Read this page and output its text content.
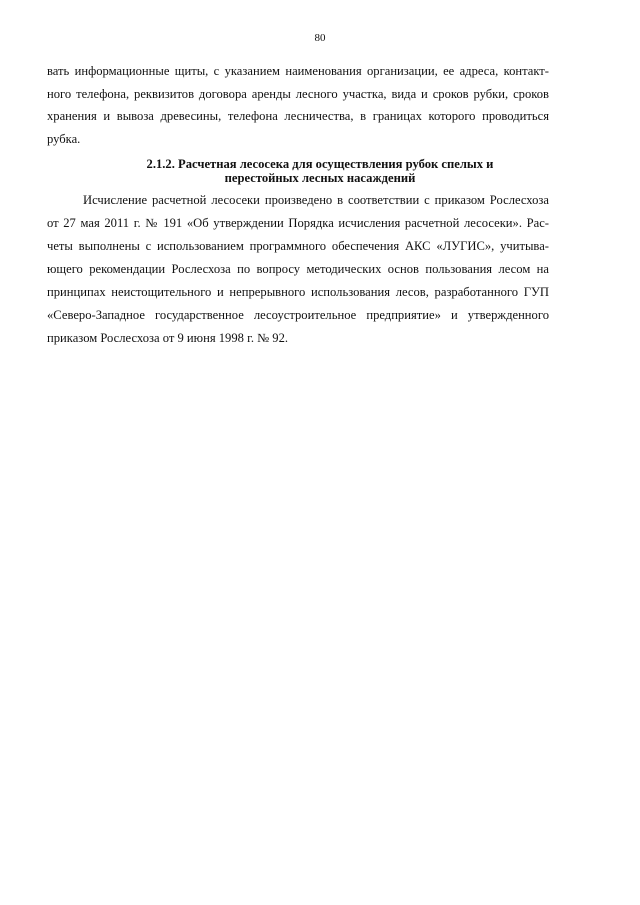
80
вать информационные щиты, с указанием наименования организации, ее адреса, контакт-
ного телефона, реквизитов договора аренды лесного участка, вида и сроков рубки, сроков
хранения и вывоза древесины, телефона лесничества, в границах которого проводиться
рубка.
2.1.2. Расчетная лесосека для осуществления рубок спелых и
перестойных лесных насаждений
Исчисление расчетной лесосеки произведено в соответствии с приказом Рослесхоза
от 27 мая 2011 г. № 191 «Об утверждении Порядка исчисления расчетной лесосеки». Рас-
четы выполнены с использованием программного обеспечения АКС «ЛУГИС», учитыва-
ющего рекомендации Рослесхоза по вопросу методических основ пользования лесом на
принципах неистощительного и непрерывного использования лесов, разработанного ГУП
«Северо-Западное государственное лесоустроительное предприятие» и утвержденного
приказом Рослесхоза от 9 июня 1998 г. № 92.
